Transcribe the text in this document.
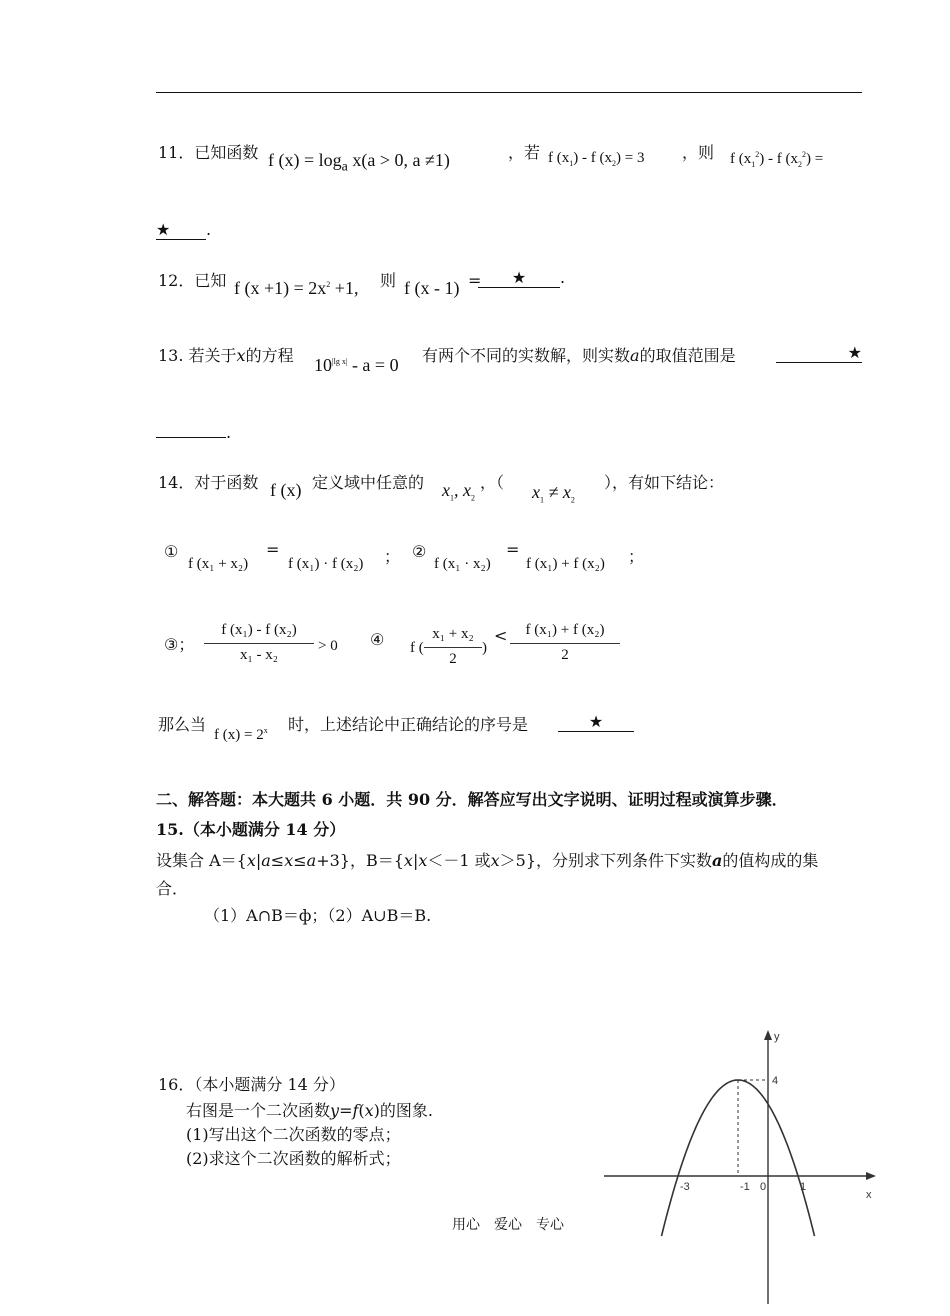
11．已知函数 f $(x) = \log_a x(a > 0$, a ≠1)	，若 f $(x_1)$ - f $(x_2) = 3$ ，则 f $(x_1^2)$ - f $(x_2^2)$ =
★ .
12．已知 f $(x +1) = 2x^2 +1$, 则 f (x - 1) =	★ .
13. 若关于x的方程 $10^{|lg x|} - a = 0$ 有两个不同的实数解，则实数a的取值范围是	★
.
14．对于函数 f (x) 定义域中任意的 $x_1$, $x_2$
，（ $x_1 \ne x_2$
），有如下结论：
①
f (x₁ + x₂)
=
f (x₁) · f (x₂) ； ②
f (x₁ · x₂)
=
f (x₁) + f (x₂) ；
③；
f (x₁) - f (x₂)
x₁ - x₂
> 0 ④ f (
x₁ + x₂
2
)
<	f (x₁) + f (x₂)
2
那么当
f $(x) = 2^x$ 时，上述结论中正确结论的序号是	★
二、解答题：本大题共 6 小题．共 90 分．解答应写出文字说明、证明过程或演算步骤．
15.（本小题满分 14 分）
设集合 A＝{x|a≤x≤a+3}，B＝{x|x＜－1 或x＞5}，分别求下列条件下实数a的值构成的集
合．
（1）A∩B＝ф；（2）A∪B＝B.
16．（本小题满分 14 分）
右图是一个二次函数y=f(x)的图象.
(1)写出这个二次函数的零点；
(2)求这个二次函数的解析式；
x
y
-3	-1 0	1
4
用心　爱心　专心
